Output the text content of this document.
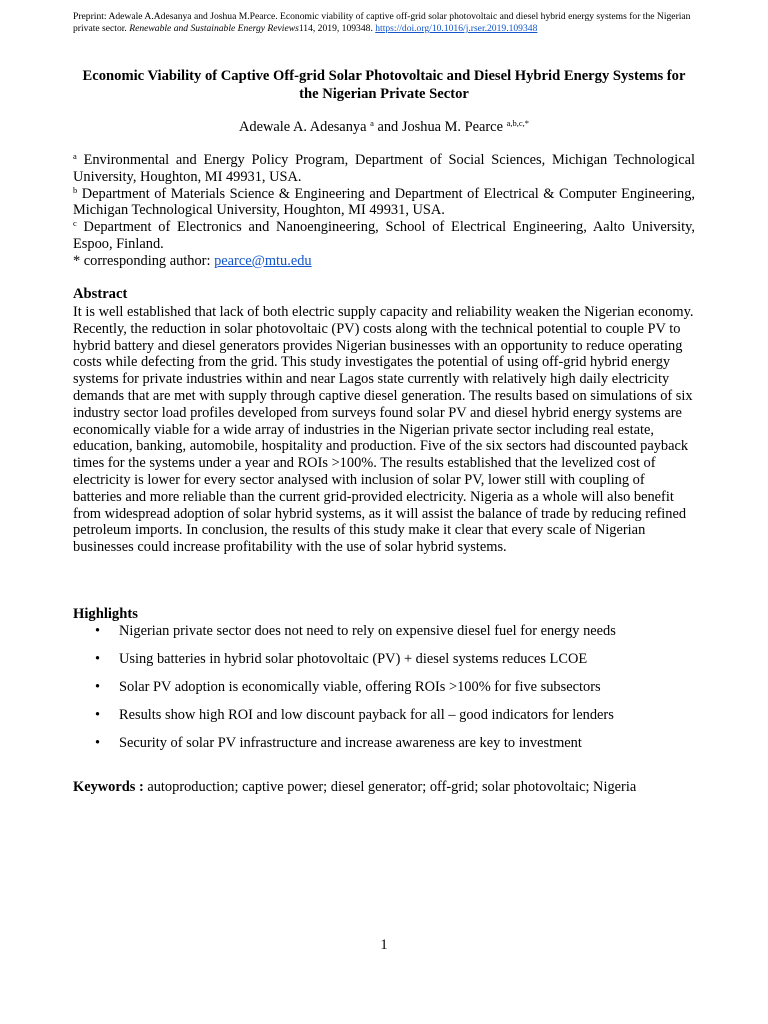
Preprint: Adewale A.Adesanya and Joshua M.Pearce. Economic viability of captive off-grid solar photovoltaic and diesel hybrid energy systems for the Nigerian private sector. Renewable and Sustainable Energy Reviews114, 2019, 109348. https://doi.org/10.1016/j.rser.2019.109348
Economic Viability of Captive Off-grid Solar Photovoltaic and Diesel Hybrid Energy Systems for the Nigerian Private Sector
Adewale A. Adesanya $^a$ and Joshua M. Pearce $^{a,b,c,*}$

$^a$ Environmental and Energy Policy Program, Department of Social Sciences, Michigan Technological University, Houghton, MI 49931, USA.

$^b$ Department of Materials Science & Engineering and Department of Electrical & Computer Engineering, Michigan Technological University, Houghton, MI 49931, USA.

$^c$ Department of Electronics and Nanoengineering, School of Electrical Engineering, Aalto University, Espoo, Finland.

* corresponding author: pearce@mtu.edu

Abstract
It is well established that lack of both electric supply capacity and reliability weaken the Nigerian economy. Recently, the reduction in solar photovoltaic (PV) costs along with the technical potential to couple PV to hybrid battery and diesel generators provides Nigerian businesses with an opportunity to reduce operating costs while defecting from the grid. This study investigates the potential of using off-grid hybrid energy systems for private industries within and near Lagos state currently with relatively high daily electricity demands that are met with supply through captive diesel generation. The results based on simulations of six industry sector load profiles developed from surveys found solar PV and diesel hybrid energy systems are economically viable for a wide array of industries in the Nigerian private sector including real estate, education, banking, automobile, hospitality and production. Five of the six sectors had discounted payback times for the systems under a year and ROIs >100%. The results established that the levelized cost of electricity is lower for every sector analysed with inclusion of solar PV, lower still with coupling of batteries and more reliable than the current grid-provided electricity. Nigeria as a whole will also benefit from widespread adoption of solar hybrid systems, as it will assist the balance of trade by reducing refined petroleum imports. In conclusion, the results of this study make it clear that every scale of Nigerian businesses could increase profitability with the use of solar hybrid systems.
Highlights
• Nigerian private sector does not need to rely on expensive diesel fuel for energy needs
• Using batteries in hybrid solar photovoltaic (PV) + diesel systems reduces LCOE
• Solar PV adoption is economically viable, offering ROIs >100% for five subsectors
• Results show high ROI and low discount payback for all – good indicators for lenders
• Security of solar PV infrastructure and increase awareness are key to investment
Keywords : autoproduction; captive power; diesel generator; off-grid; solar photovoltaic; Nigeria
1
